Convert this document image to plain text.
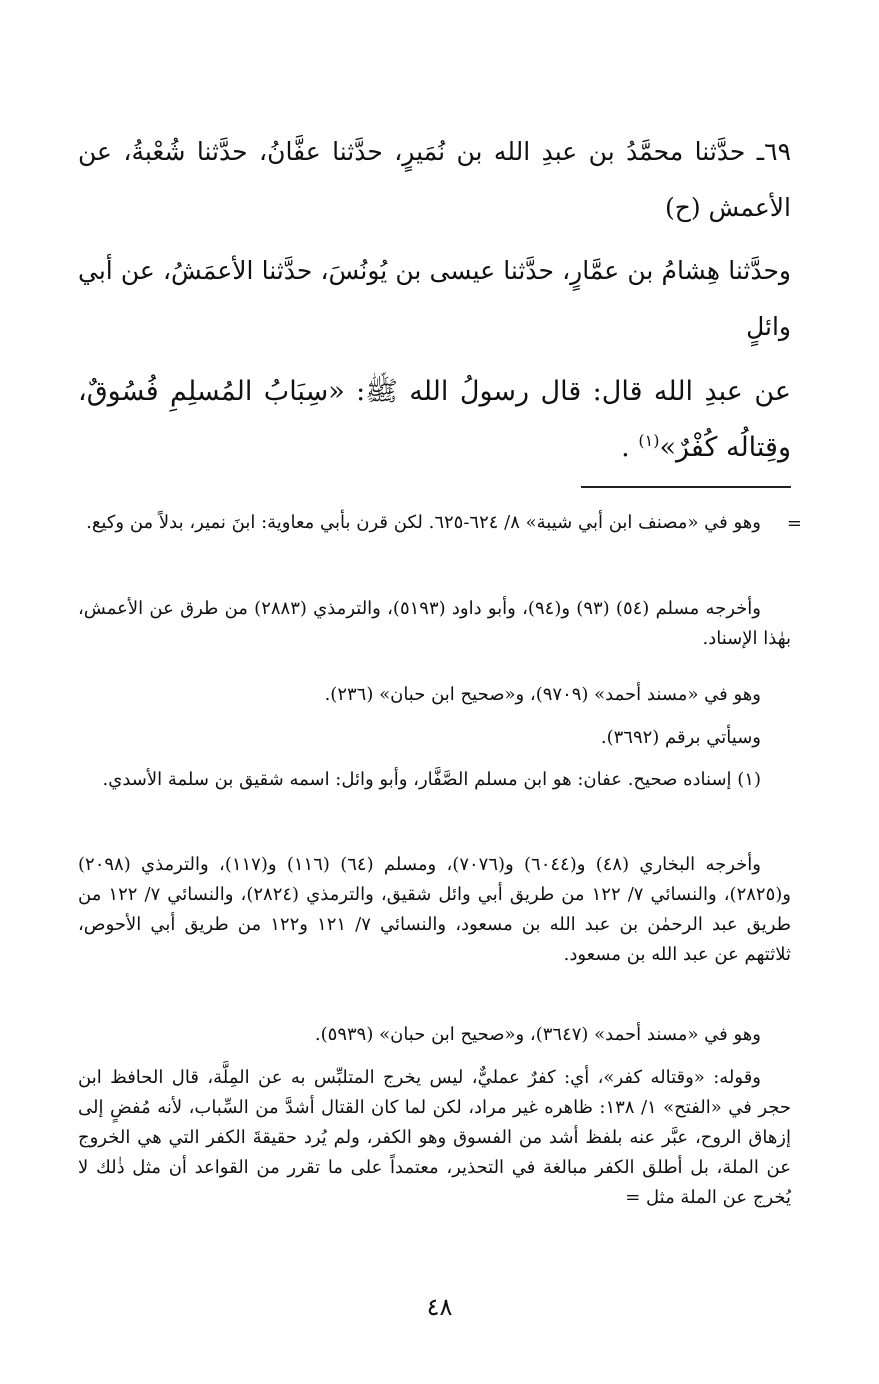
٦٩ـ حدَّثنا محمَّدُ بن عبدِ الله بن نُمَيرٍ، حدَّثنا عفَّانُ، حدَّثنا شُعْبةُ، عن الأعمش (ح)

وحدَّثنا هِشامُ بن عمَّارٍ، حدَّثنا عيسى بن يُونُسَ، حدَّثنا الأعمَشُ، عن أبي وائلٍ

عن عبدِ الله قال: قال رسولُ الله ﷺ: «سِبَابُ المُسلِمِ فُسُوقٌ، وقِتالُه كُفْرٌ»$^{(١)}$ .

=

وهو في «مصنف ابن أبي شيبة» ٨/ ٦٢٤-٦٢٥. لكن قرن بأبي معاوية: ابنَ نمير، بدلاً من وكيع.

وأخرجه مسلم (٥٤) (٩٣) و(٩٤)، وأبو داود (٥١٩٣)، والترمذي (٢٨٨٣) من طرق عن الأعمش، بهٰذا الإسناد.

وهو في «مسند أحمد» (٩٧٠٩)، و«صحيح ابن حبان» (٢٣٦).

وسيأتي برقم (٣٦٩٢).

(١) إسناده صحيح. عفان: هو ابن مسلم الصَّفَّار، وأبو وائل: اسمه شقيق بن سلمة الأسدي.

وأخرجه البخاري (٤٨) و(٦٠٤٤) و(٧٠٧٦)، ومسلم (٦٤) (١١٦) و(١١٧)، والترمذي (٢٠٩٨) و(٢٨٢٥)، والنسائي ٧/ ١٢٢ من طريق أبي وائل شقيق، والترمذي (٢٨٢٤)، والنسائي ٧/ ١٢٢ من طريق عبد الرحمٰن بن عبد الله بن مسعود، والنسائي ٧/ ١٢١ و١٢٢ من طريق أبي الأحوص، ثلاثتهم عن عبد الله بن مسعود.

وهو في «مسند أحمد» (٣٦٤٧)، و«صحيح ابن حبان» (٥٩٣٩).

وقوله: «وقتاله كفر»، أي: كفرٌ عمليٌّ، ليس يخرج المتلبِّس به عن المِلَّة، قال الحافظ ابن حجر في «الفتح» ١/ ١٣٨: ظاهره غير مراد، لكن لما كان القتال أشدَّ من السِّباب، لأنه مُفضٍ إلى إزهاق الروح، عبَّر عنه بلفظ أشد من الفسوق وهو الكفر، ولم يُرد حقيقةَ الكفر التي هي الخروج عن الملة، بل أطلق الكفر مبالغة في التحذير، معتمداً على ما تقرر من القواعد أن مثل ذٰلك لا يُخرج عن الملة مثل =

٤٨
